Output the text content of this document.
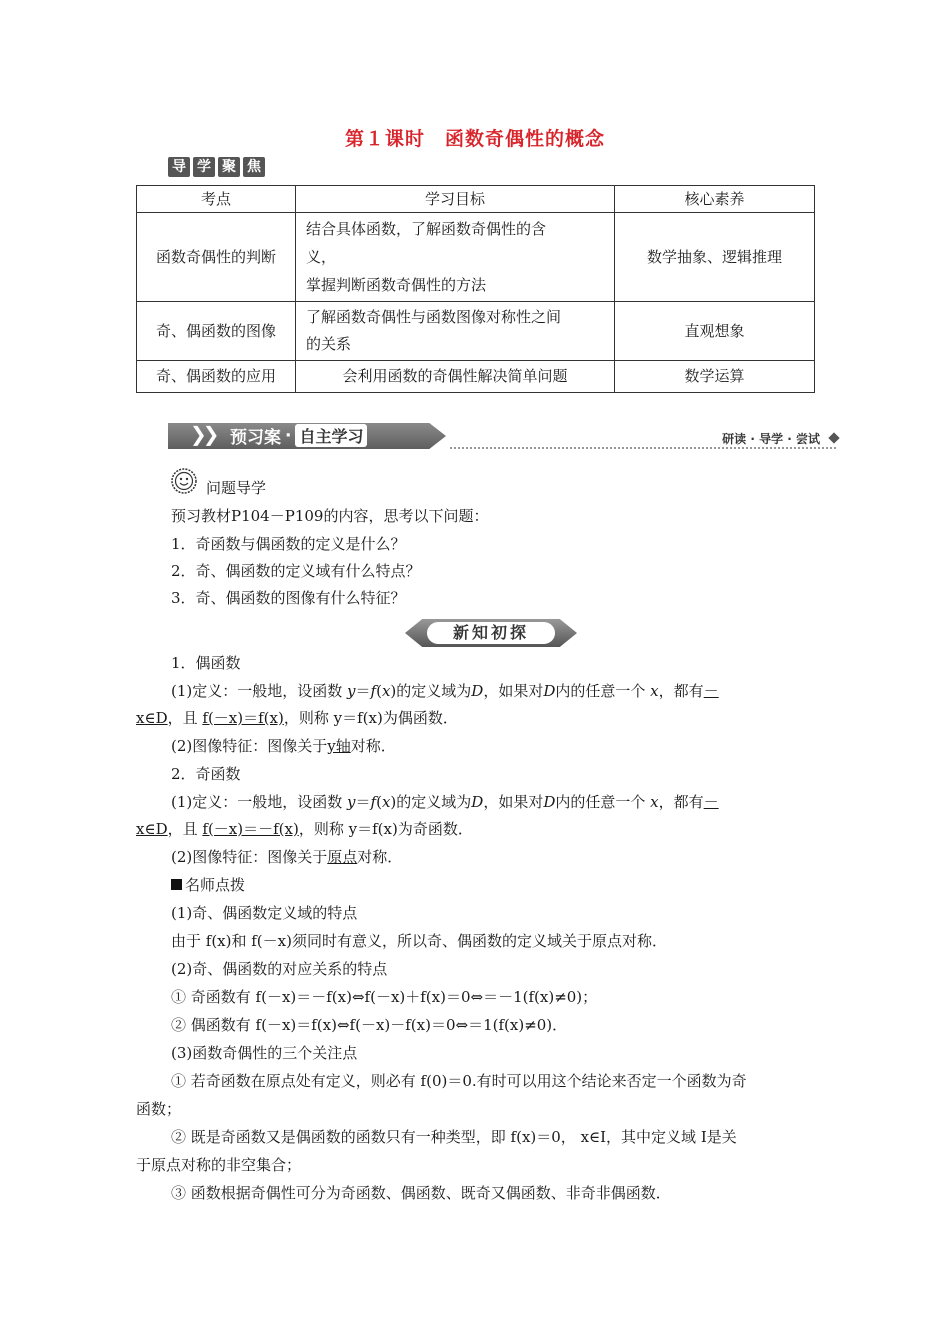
第１课时　函数奇偶性的概念
导 学 聚 焦
考点	学习目标	核心素养
函数奇偶性的判断	结合具体函数，了解函数奇偶性的含
义，
掌握判断函数奇偶性的方法	数学抽象、逻辑推理
奇、偶函数的图像	了解函数奇偶性与函数图像对称性之间
的关系	直观想象
奇、偶函数的应用	会利用函数的奇偶性解决简单问题	数学运算
❯❯ 预习案 · 自主学习	研读 · 导学 · 尝试
问题导学
预习教材P104－P109的内容，思考以下问题：
1．奇函数与偶函数的定义是什么？
2．奇、偶函数的定义域有什么特点？
3．奇、偶函数的图像有什么特征？
新知初探
1．偶函数
(1)定义：一般地，设函数 y＝f(x)的定义域为D，如果对D内的任意一个 x，都有－
x∈D，且 f(－x)＝f(x)，则称 y＝f(x)为偶函数．
(2)图像特征：图像关于y轴对称．
2．奇函数
(1)定义：一般地，设函数 y＝f(x)的定义域为D，如果对D内的任意一个 x，都有－
x∈D，且 f(－x)＝－f(x)，则称 y＝f(x)为奇函数．
(2)图像特征：图像关于原点对称．
名师点拨
(1)奇、偶函数定义域的特点
由于 f(x)和 f(－x)须同时有意义，所以奇、偶函数的定义域关于原点对称．
(2)奇、偶函数的对应关系的特点
① 奇函数有 f(－x)＝－f(x)⇔f(－x)＋f(x)＝0⇔＝－1(f(x)≠0)；
② 偶函数有 f(－x)＝f(x)⇔f(－x)－f(x)＝0⇔＝1(f(x)≠0)．
(3)函数奇偶性的三个关注点
① 若奇函数在原点处有定义，则必有 f(0)＝0.有时可以用这个结论来否定一个函数为奇
函数；
② 既是奇函数又是偶函数的函数只有一种类型，即 f(x)＝0， x∈I，其中定义域 I是关
于原点对称的非空集合；
③ 函数根据奇偶性可分为奇函数、偶函数、既奇又偶函数、非奇非偶函数．
